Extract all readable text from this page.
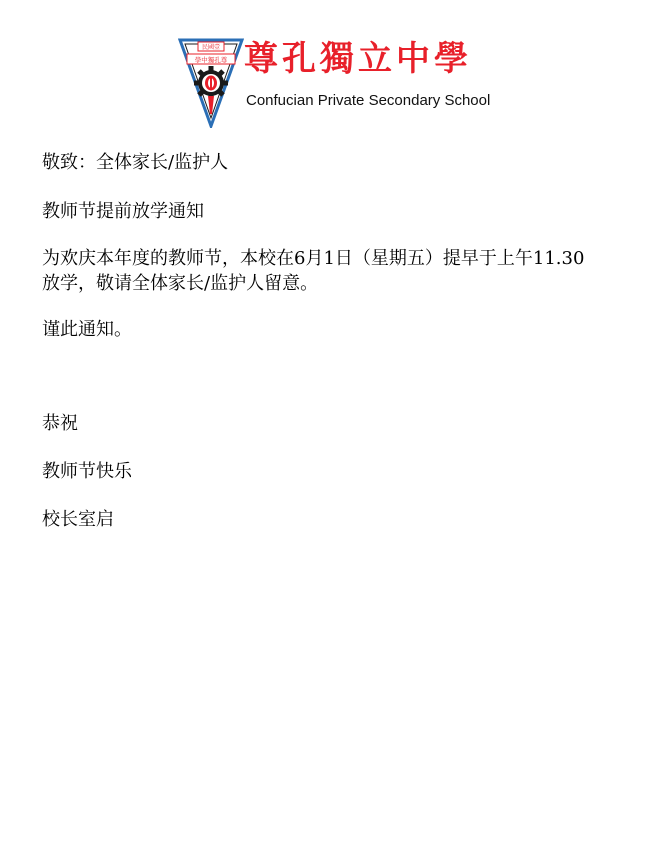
民國壹
學中獨孔尊 尊孔獨立中學
Confucian Private Secondary School
敬致：全体家长/监护人
教师节提前放学通知
为欢庆本年度的教师节，本校在6月1日（星期五）提早于上午11.30
放学，敬请全体家长/监护人留意。
谨此通知。
恭祝
教师节快乐
校长室启
